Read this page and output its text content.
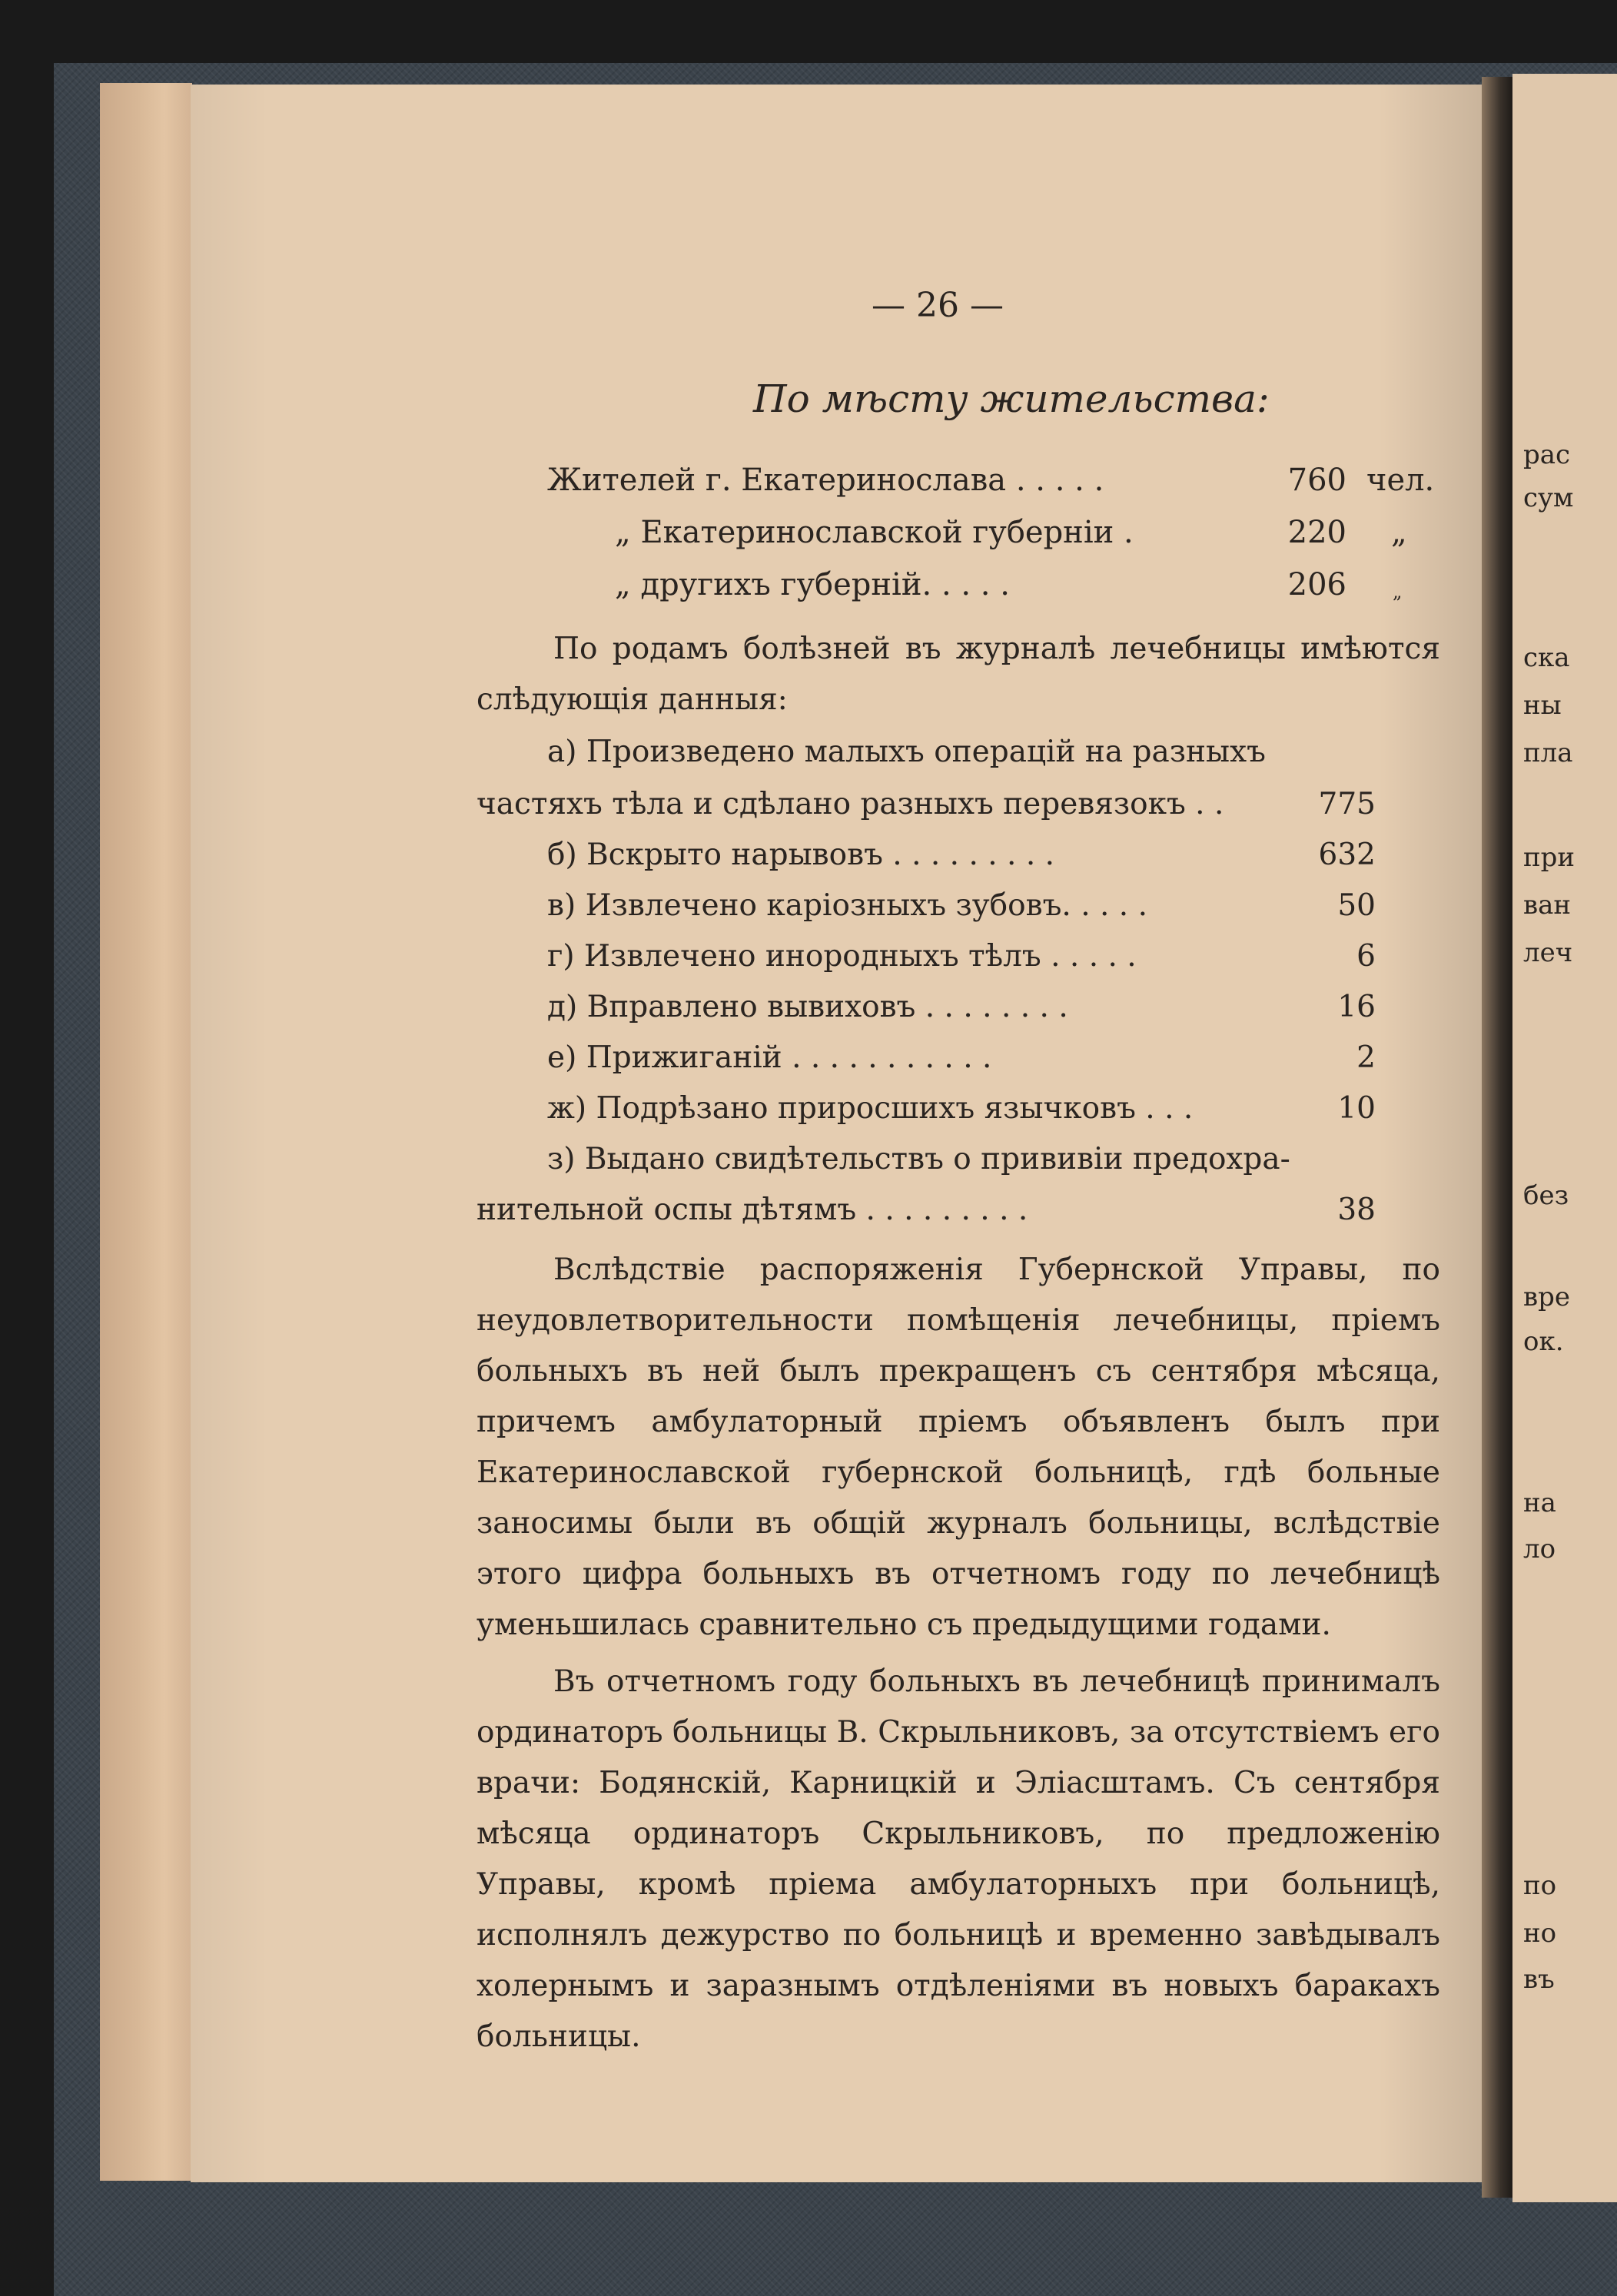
рас
сум
ска
ны
пла
при
ван
леч
без
вре
ок.
на
ло
по
но
въ
— 26 —
По мѣсту жительства:
Жителей г. Екатеринослава . . . . .	760 чел.
„ Екатеринославской губерніи .	220 „
„ другихъ губерній. . . . .	206	„
По родамъ болѣзней въ журналѣ лечебницы имѣются слѣдующія данныя:
а) Произведено малыхъ операцій на разныхъ
частяхъ тѣла и сдѣлано разныхъ перевязокъ . .	775
б) Вскрыто нарывовъ . . . . . . . . .	632
в) Извлечено каріозныхъ зубовъ. . . . .	50
г) Извлечено инородныхъ тѣлъ . . . . .	6
д) Вправлено вывиховъ . . . . . . . .	16
е) Прижиганій . . . . . . . . . . .	2
ж) Подрѣзано приросшихъ язычковъ . . .	10
з) Выдано свидѣтельствъ о прививіи предохра-
нительной оспы дѣтямъ . . . . . . . . .	38
Вслѣдствіе распоряженія Губернской Управы, по неудовлетворительности помѣщенія лечебницы, пріемъ больныхъ въ ней былъ прекращенъ съ сентября мѣсяца, причемъ амбулаторный пріемъ объявленъ былъ при Екатеринославской губернской больницѣ, гдѣ больные заносимы были въ общій журналъ больницы, вслѣдствіе этого цифра больныхъ въ отчетномъ году по лечебницѣ уменьшилась сравнительно съ предыдущими годами.
Въ отчетномъ году больныхъ въ лечебницѣ принималъ ординаторъ больницы В. Скрыльниковъ, за отсутствіемъ его врачи: Бодянскій, Карницкій и Эліасштамъ. Съ сентября мѣсяца ординаторъ Скрыльниковъ, по предложенію Управы, кромѣ пріема амбулаторныхъ при больницѣ, исполнялъ дежурство по больницѣ и временно завѣдывалъ холернымъ и заразнымъ отдѣленіями въ новыхъ баракахъ больницы.
